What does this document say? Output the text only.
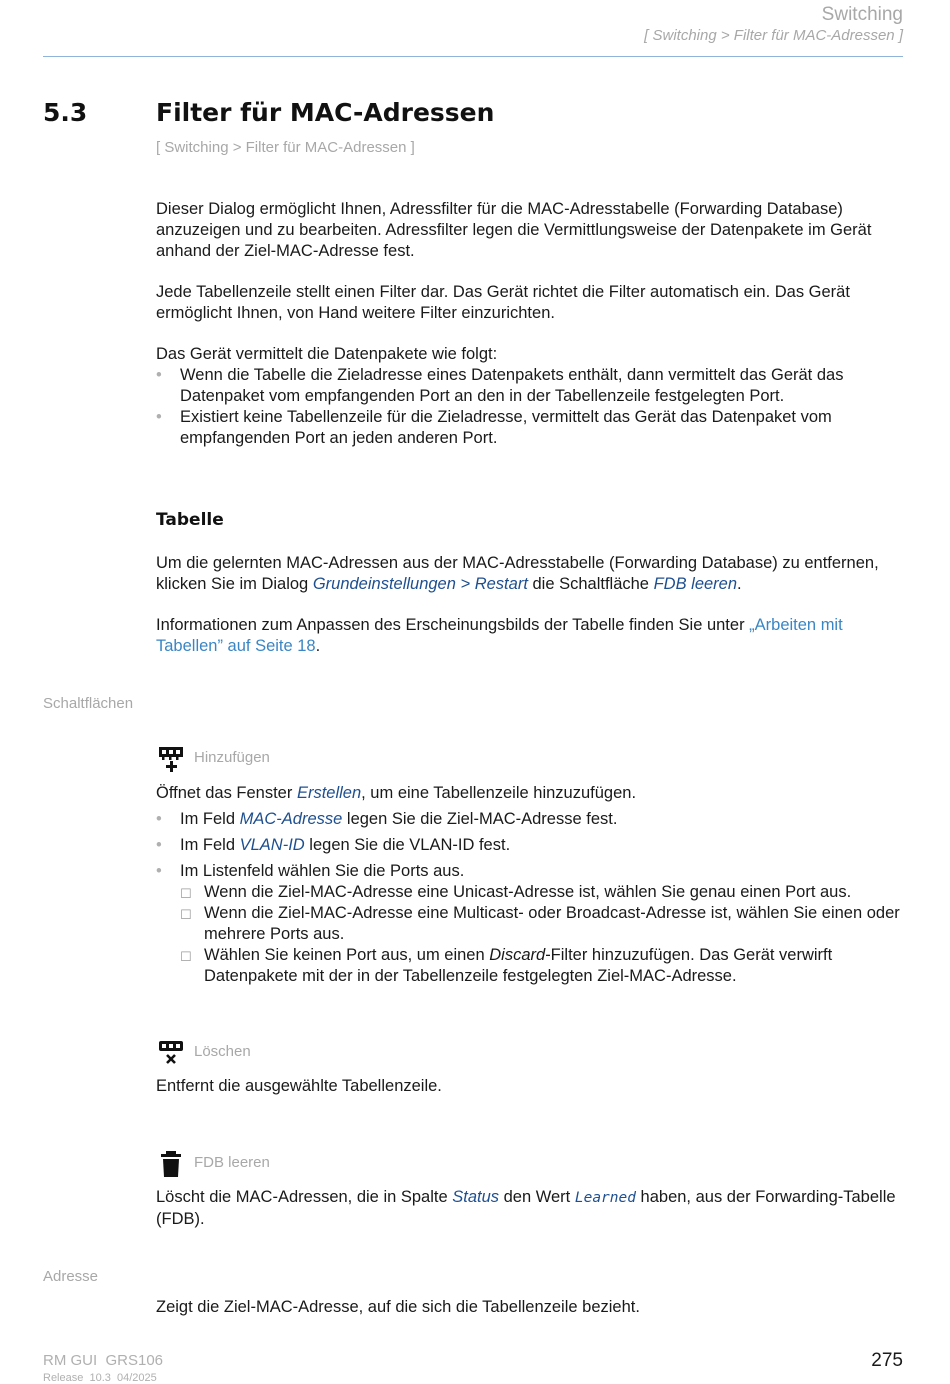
Switching
[ Switching > Filter für MAC-Adressen ]
5.3	Filter für MAC-Adressen
[ Switching > Filter für MAC-Adressen ]

Dieser Dialog ermöglicht Ihnen, Adressfilter für die MAC-Adresstabelle (Forwarding Database) anzuzeigen und zu bearbeiten. Adressfilter legen die Vermittlungsweise der Datenpakete im Gerät anhand der Ziel-MAC-Adresse fest.

Jede Tabellenzeile stellt einen Filter dar. Das Gerät richtet die Filter automatisch ein. Das Gerät ermöglicht Ihnen, von Hand weitere Filter einzurichten.

Das Gerät vermittelt die Datenpakete wie folgt:

• Wenn die Tabelle die Zieladresse eines Datenpakets enthält, dann vermittelt das Gerät das Datenpaket vom empfangenden Port an den in der Tabellenzeile festgelegten Port.

• Existiert keine Tabellenzeile für die Zieladresse, vermittelt das Gerät das Datenpaket vom empfangenden Port an jeden anderen Port.

Tabelle

Um die gelernten MAC-Adressen aus der MAC-Adresstabelle (Forwarding Database) zu entfernen, klicken Sie im Dialog Grundeinstellungen > Restart die Schaltfläche FDB leeren.

Informationen zum Anpassen des Erscheinungsbilds der Tabelle finden Sie unter „Arbeiten mit Tabellen” auf Seite 18.

Schaltflächen
Hinzufügen

Öffnet das Fenster Erstellen, um eine Tabellenzeile hinzuzufügen.

• Im Feld MAC-Adresse legen Sie die Ziel-MAC-Adresse fest.

• Im Feld VLAN-ID legen Sie die VLAN-ID fest.

• Im Listenfeld wählen Sie die Ports aus.

☐ Wenn die Ziel-MAC-Adresse eine Unicast-Adresse ist, wählen Sie genau einen Port aus.

☐ Wenn die Ziel-MAC-Adresse eine Multicast- oder Broadcast-Adresse ist, wählen Sie einen oder mehrere Ports aus.

☐ Wählen Sie keinen Port aus, um einen Discard-Filter hinzuzufügen. Das Gerät verwirft Datenpakete mit der in der Tabellenzeile festgelegten Ziel-MAC-Adresse.

Löschen

Entfernt die ausgewählte Tabellenzeile.

FDB leeren

Löscht die MAC-Adressen, die in Spalte Status den Wert Learned haben, aus der Forwarding-Tabelle (FDB).

Adresse

Zeigt die Ziel-MAC-Adresse, auf die sich die Tabellenzeile bezieht.

RM GUI  GRS106
Release  10.3  04/2025
275
